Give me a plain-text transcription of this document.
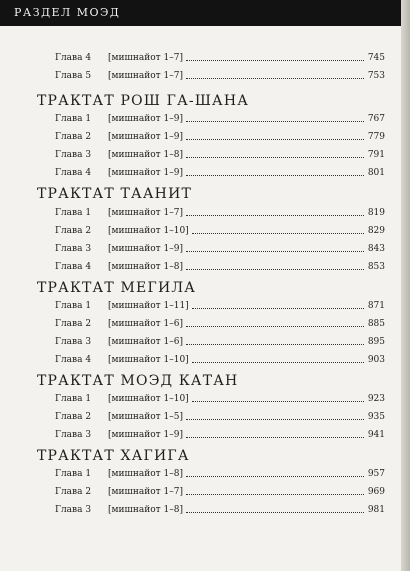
РАЗДЕЛ МОЭД
Глава 4 [мишнайот 1–7]	745
Глава 5 [мишнайот 1–7]	753
ТРАКТАТ РОШ ГА-ШАНА
Глава 1 [мишнайот 1–9]	767
Глава 2 [мишнайот 1–9]	779
Глава 3 [мишнайот 1–8]	791
Глава 4 [мишнайот 1–9]	801
ТРАКТАТ ТААНИТ
Глава 1 [мишнайот 1–7]	819
Глава 2 [мишнайот 1–10]	829
Глава 3 [мишнайот 1–9]	843
Глава 4 [мишнайот 1–8]	853
ТРАКТАТ МЕГИЛА
Глава 1 [мишнайот 1–11]	871
Глава 2 [мишнайот 1–6]	885
Глава 3 [мишнайот 1–6]	895
Глава 4 [мишнайот 1–10]	903
ТРАКТАТ МОЭД КАТАН
Глава 1 [мишнайот 1–10]	923
Глава 2 [мишнайот 1–5]	935
Глава 3 [мишнайот 1–9]	941
ТРАКТАТ ХАГИГА
Глава 1 [мишнайот 1–8]	957
Глава 2 [мишнайот 1–7]	969
Глава 3 [мишнайот 1–8]	981
